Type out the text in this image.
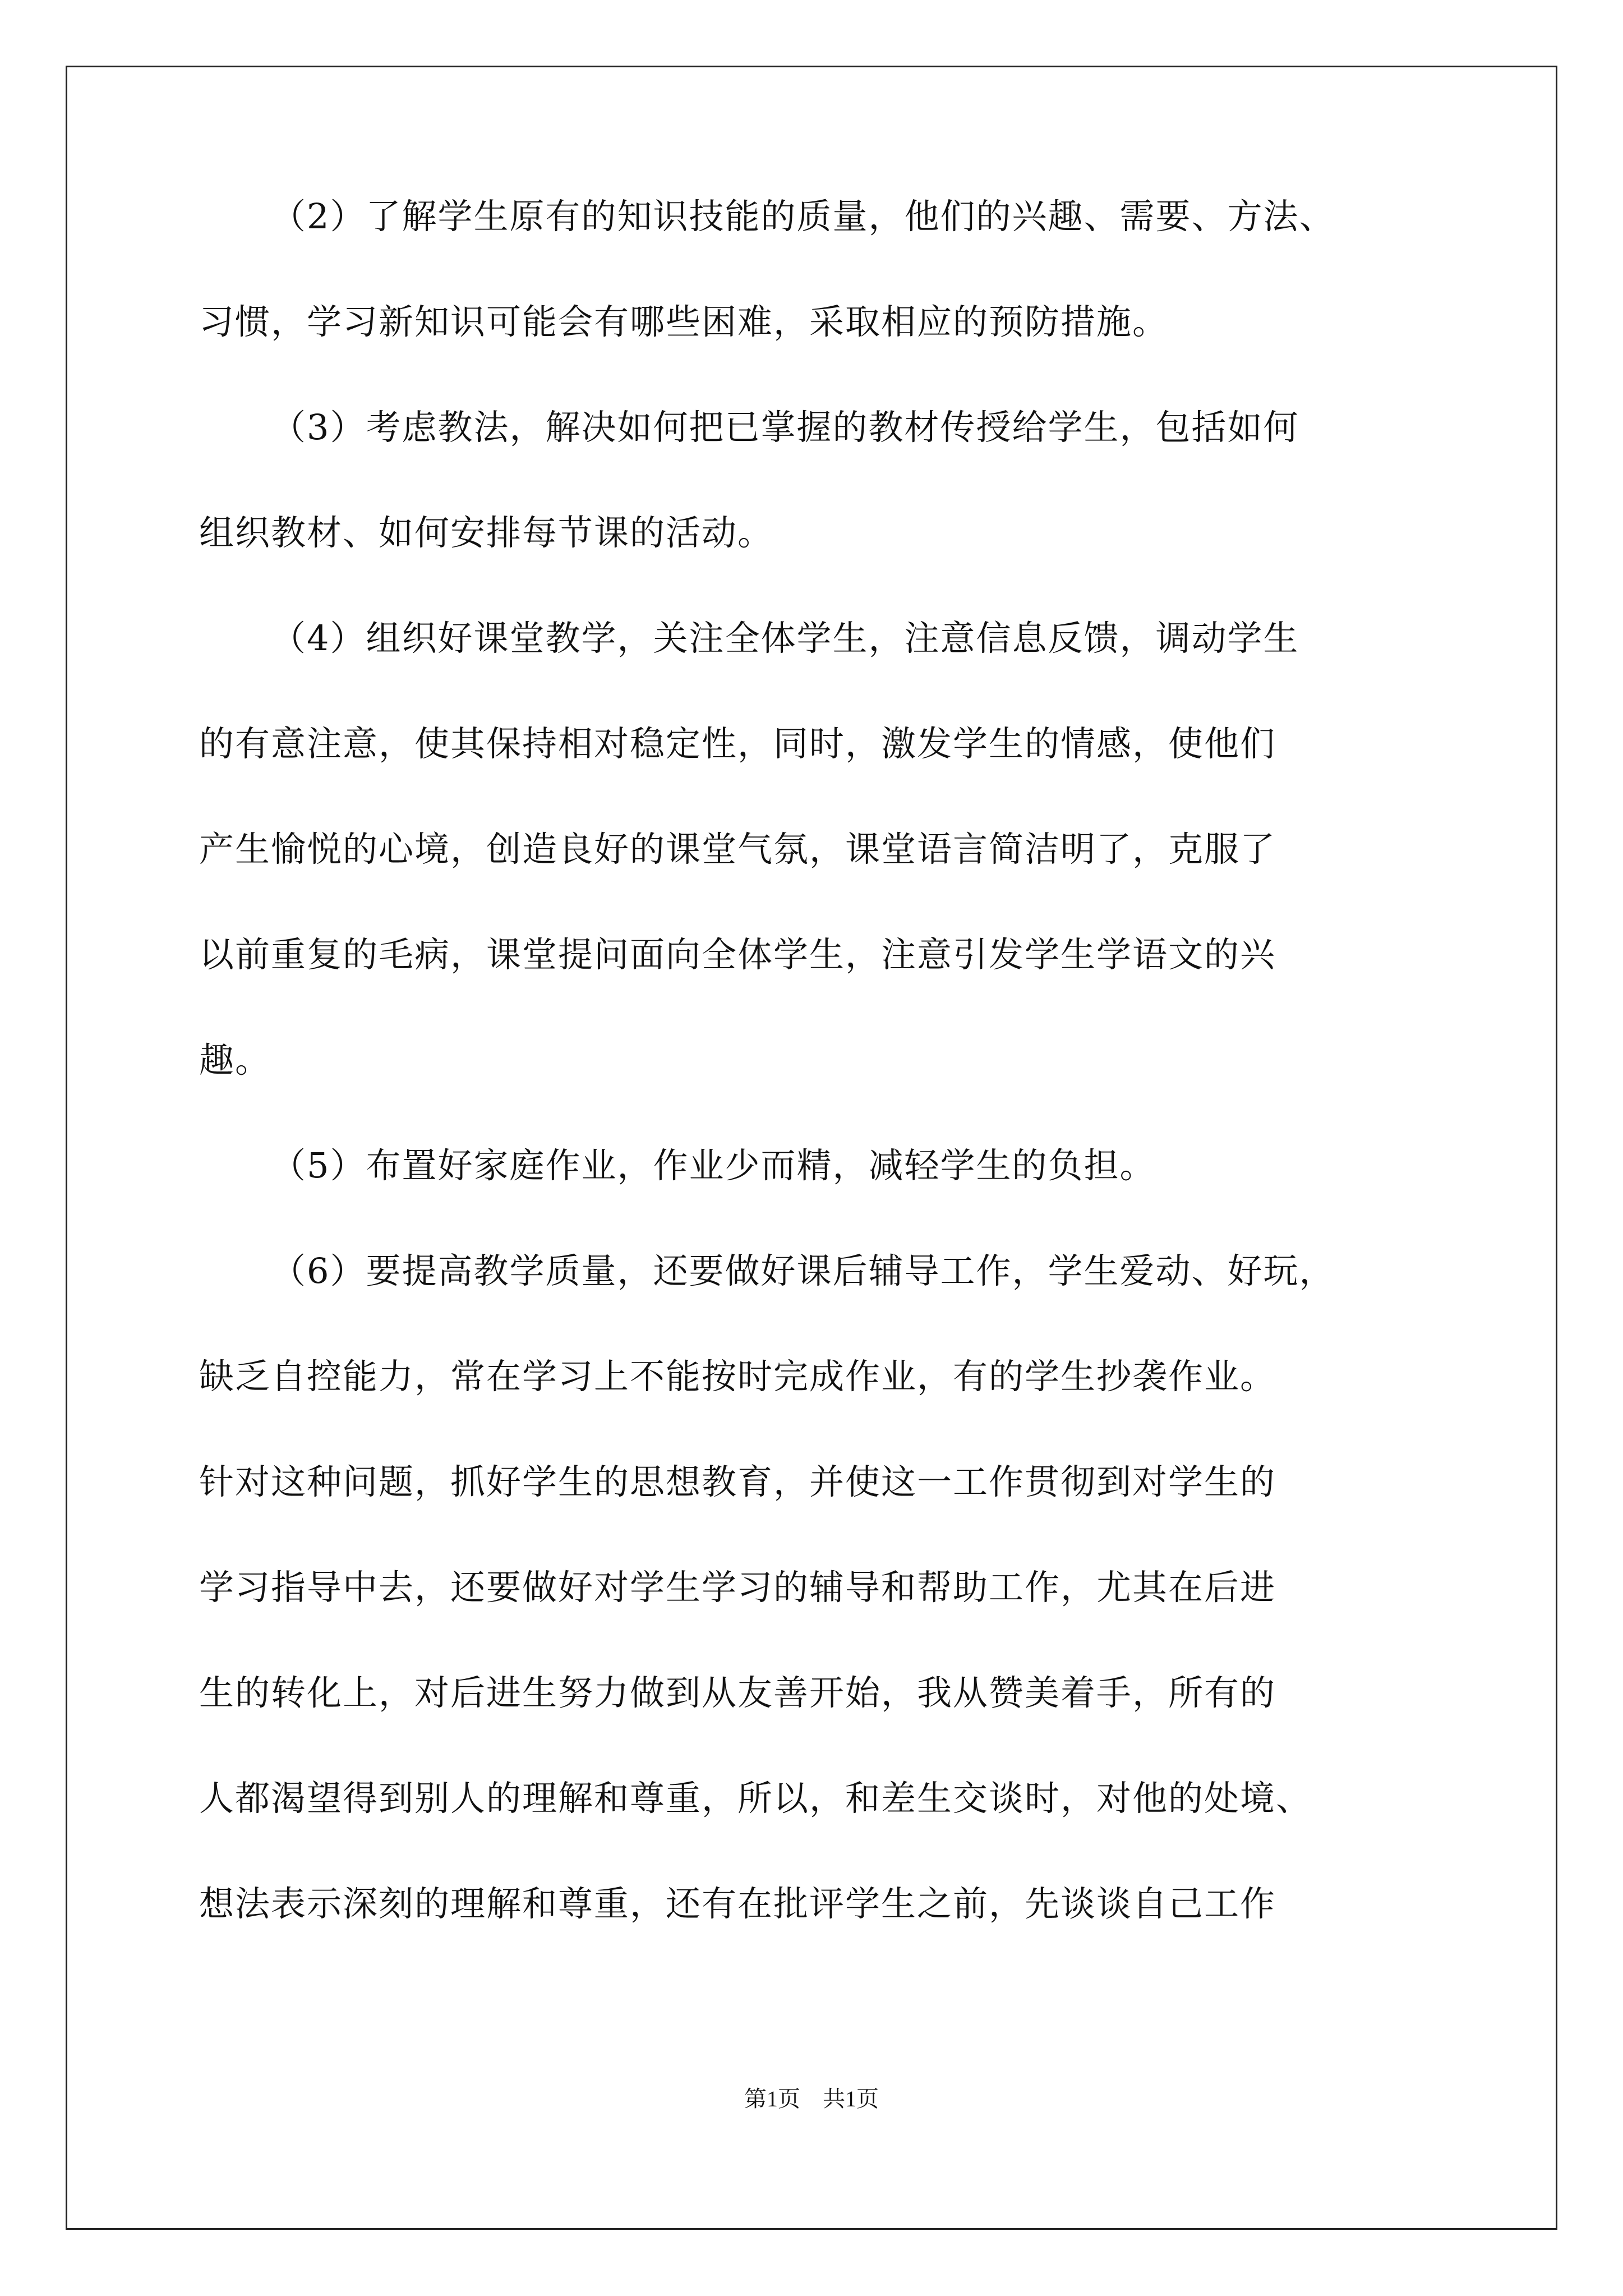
（2）了解学生原有的知识技能的质量，他们的兴趣、需要、方法、
习惯，学习新知识可能会有哪些困难，采取相应的预防措施。
（3）考虑教法，解决如何把已掌握的教材传授给学生，包括如何
组织教材、如何安排每节课的活动。
（4）组织好课堂教学，关注全体学生，注意信息反馈，调动学生
的有意注意，使其保持相对稳定性，同时，激发学生的情感，使他们
产生愉悦的心境，创造良好的课堂气氛，课堂语言简洁明了，克服了
以前重复的毛病，课堂提问面向全体学生，注意引发学生学语文的兴
趣。
（5）布置好家庭作业，作业少而精，减轻学生的负担。
（6）要提高教学质量，还要做好课后辅导工作，学生爱动、好玩，
缺乏自控能力，常在学习上不能按时完成作业，有的学生抄袭作业。
针对这种问题，抓好学生的思想教育，并使这一工作贯彻到对学生的
学习指导中去，还要做好对学生学习的辅导和帮助工作，尤其在后进
生的转化上，对后进生努力做到从友善开始，我从赞美着手，所有的
人都渴望得到别人的理解和尊重，所以，和差生交谈时，对他的处境、
想法表示深刻的理解和尊重，还有在批评学生之前，先谈谈自己工作
第1页　共1页
